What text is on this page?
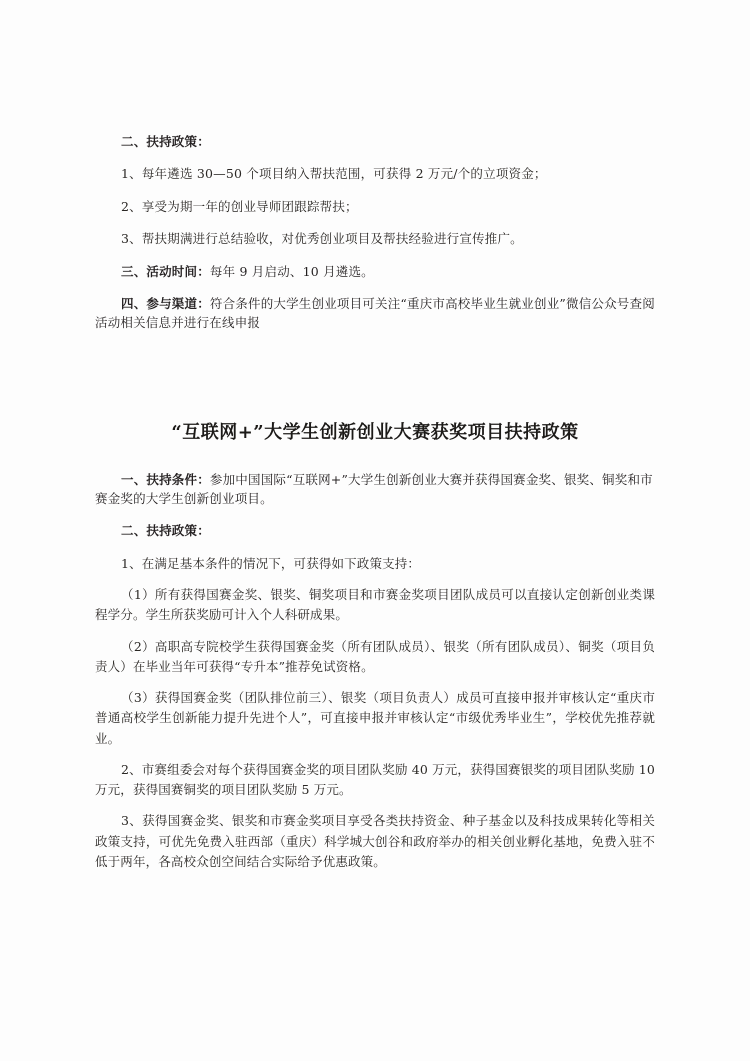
二、扶持政策：

1、每年遴选 30—50 个项目纳入帮扶范围，可获得 2 万元/个的立项资金；

2、享受为期一年的创业导师团跟踪帮扶；

3、帮扶期满进行总结验收，对优秀创业项目及帮扶经验进行宣传推广。

三、活动时间：每年 9 月启动、10 月遴选。

四、参与渠道：符合条件的大学生创业项目可关注“重庆市高校毕业生就业创业”微信公众号查阅活动相关信息并进行在线申报

“互联网+”大学生创新创业大赛获奖项目扶持政策

一、扶持条件：参加中国国际“互联网+”大学生创新创业大赛并获得国赛金奖、银奖、铜奖和市赛金奖的大学生创新创业项目。

二、扶持政策：

1、在满足基本条件的情况下，可获得如下政策支持：

（1）所有获得国赛金奖、银奖、铜奖项目和市赛金奖项目团队成员可以直接认定创新创业类课程学分。学生所获奖励可计入个人科研成果。

（2）高职高专院校学生获得国赛金奖（所有团队成员）、银奖（所有团队成员）、铜奖（项目负责人）在毕业当年可获得“专升本”推荐免试资格。

（3）获得国赛金奖（团队排位前三）、银奖（项目负责人）成员可直接申报并审核认定“重庆市普通高校学生创新能力提升先进个人”，可直接申报并审核认定“市级优秀毕业生”，学校优先推荐就业。

2、市赛组委会对每个获得国赛金奖的项目团队奖励 40 万元，获得国赛银奖的项目团队奖励 10 万元，获得国赛铜奖的项目团队奖励 5 万元。

3、获得国赛金奖、银奖和市赛金奖项目享受各类扶持资金、种子基金以及科技成果转化等相关政策支持，可优先免费入驻西部（重庆）科学城大创谷和政府举办的相关创业孵化基地，免费入驻不低于两年，各高校众创空间结合实际给予优惠政策。
